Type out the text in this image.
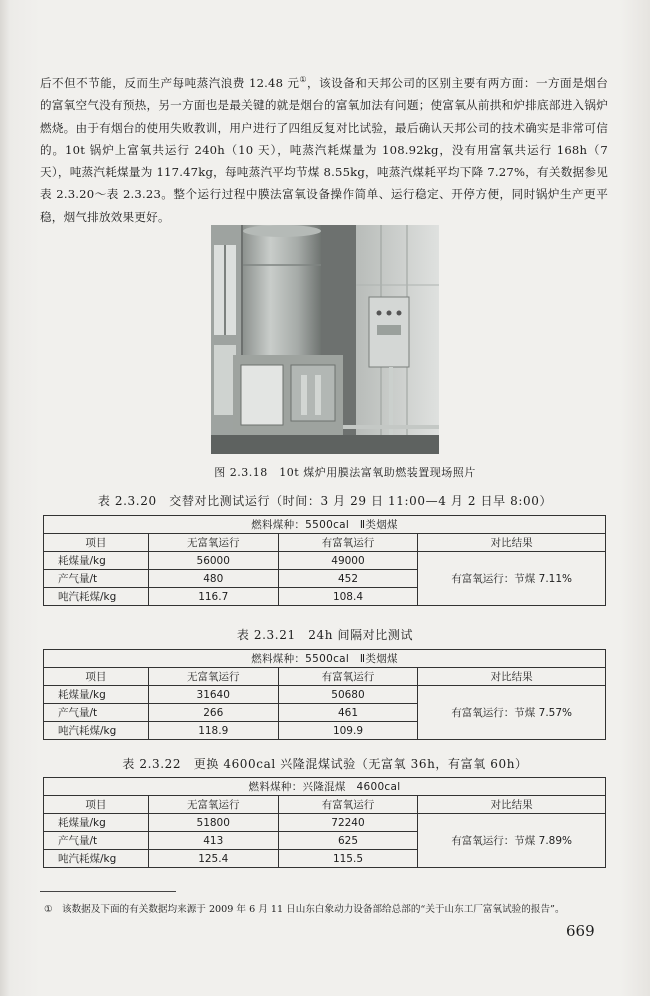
后不但不节能，反而生产每吨蒸汽浪费 12.48 元①，该设备和天邦公司的区别主要有两方面：一方面是烟台的富氧空气没有预热，另一方面也是最关键的就是烟台的富氧加法有问题；使富氧从前拱和炉排底部进入锅炉燃烧。由于有烟台的使用失败教训，用户进行了四组反复对比试验，最后确认天邦公司的技术确实是非常可信的。10t 锅炉上富氧共运行 240h（10 天），吨蒸汽耗煤量为 108.92kg，没有用富氧共运行 168h（7 天），吨蒸汽耗煤量为 117.47kg，每吨蒸汽平均节煤 8.55kg，吨蒸汽煤耗平均下降 7.27%，有关数据参见表 2.3.20～表 2.3.23。整个运行过程中膜法富氧设备操作简单、运行稳定、开停方便，同时锅炉生产更平稳，烟气排放效果更好。

图 2.3.18　10t 煤炉用膜法富氧助燃装置现场照片
表 2.3.20　交替对比测试运行（时间：3 月 29 日 11:00—4 月 2 日早 8:00）
燃料煤种：5500cal　Ⅱ类烟煤			
项目	无富氧运行	有富氧运行	对比结果
耗煤量/kg	56000	49000	有富氧运行：节煤 7.11%
产气量/t	480	452	
吨汽耗煤/kg	116.7	108.4	
表 2.3.21　24h 间隔对比测试
燃料煤种：5500cal　Ⅱ类烟煤			
项目	无富氧运行	有富氧运行	对比结果
耗煤量/kg	31640	50680	有富氧运行：节煤 7.57%
产气量/t	266	461	
吨汽耗煤/kg	118.9	109.9	
表 2.3.22　更换 4600cal 兴隆混煤试验（无富氧 36h，有富氧 60h）
燃料煤种：兴隆混煤　4600cal			
项目	无富氧运行	有富氧运行	对比结果
耗煤量/kg	51800	72240	有富氧运行：节煤 7.89%
产气量/t	413	625	
吨汽耗煤/kg	125.4	115.5	
① 该数据及下面的有关数据均来源于 2009 年 6 月 11 日山东白象动力设备部给总部的“关于山东工厂富氧试验的报告”。
669
